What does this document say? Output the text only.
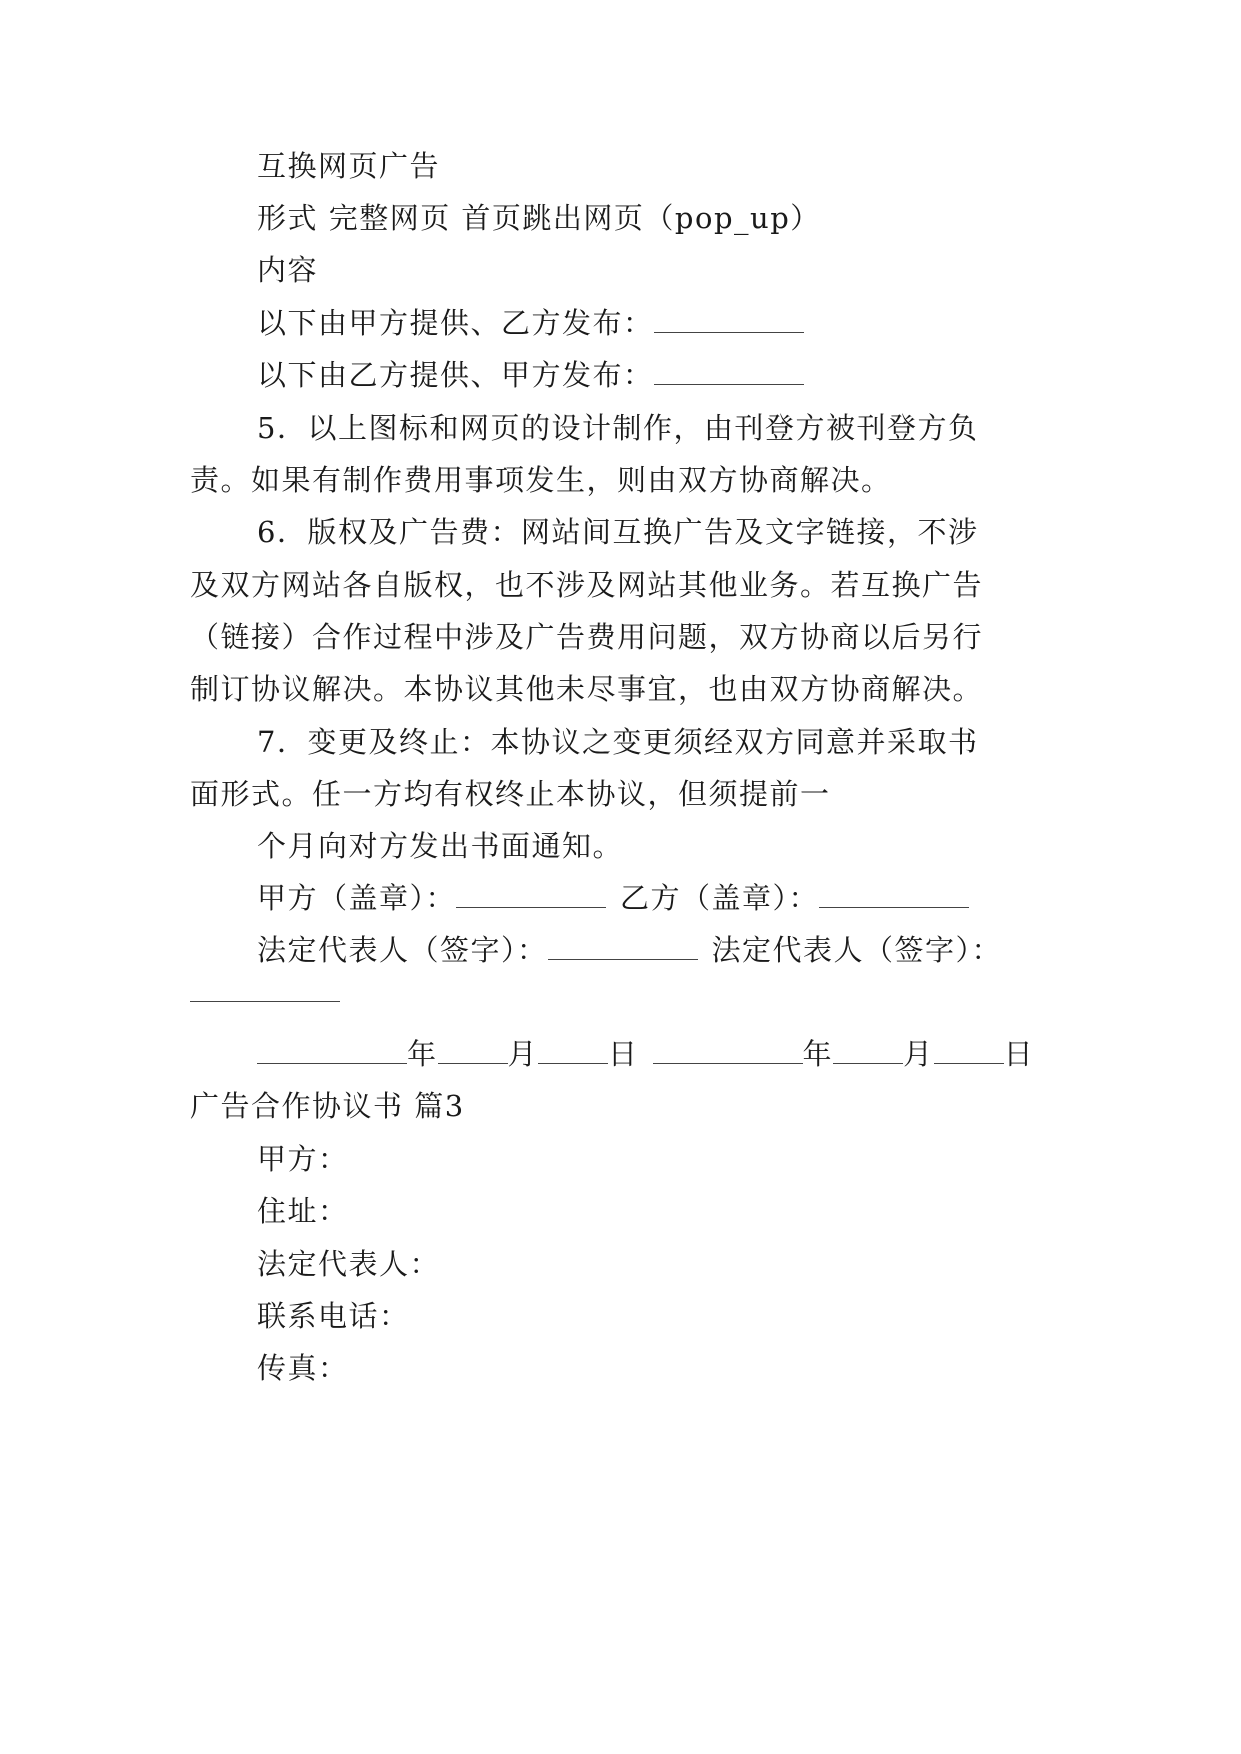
互换网页广告
形式 完整网页 首页跳出网页（pop_up）
内容
以下由甲方提供、乙方发布：
以下由乙方提供、甲方发布：
5．以上图标和网页的设计制作，由刊登方被刊登方负
责。如果有制作费用事项发生，则由双方协商解决。
6．版权及广告费：网站间互换广告及文字链接，不涉
及双方网站各自版权，也不涉及网站其他业务。若互换广告
（链接）合作过程中涉及广告费用问题，双方协商以后另行
制订协议解决。本协议其他未尽事宜，也由双方协商解决。
7．变更及终止：本协议之变更须经双方同意并采取书
面形式。任一方均有权终止本协议，但须提前一
个月向对方发出书面通知。
甲方（盖章）：	乙方（盖章）：
法定代表人（签字）：	法定代表人（签字）：
年 月 日	年 月 日
广告合作协议书 篇3
甲方：
住址：
法定代表人：
联系电话：
传真：
